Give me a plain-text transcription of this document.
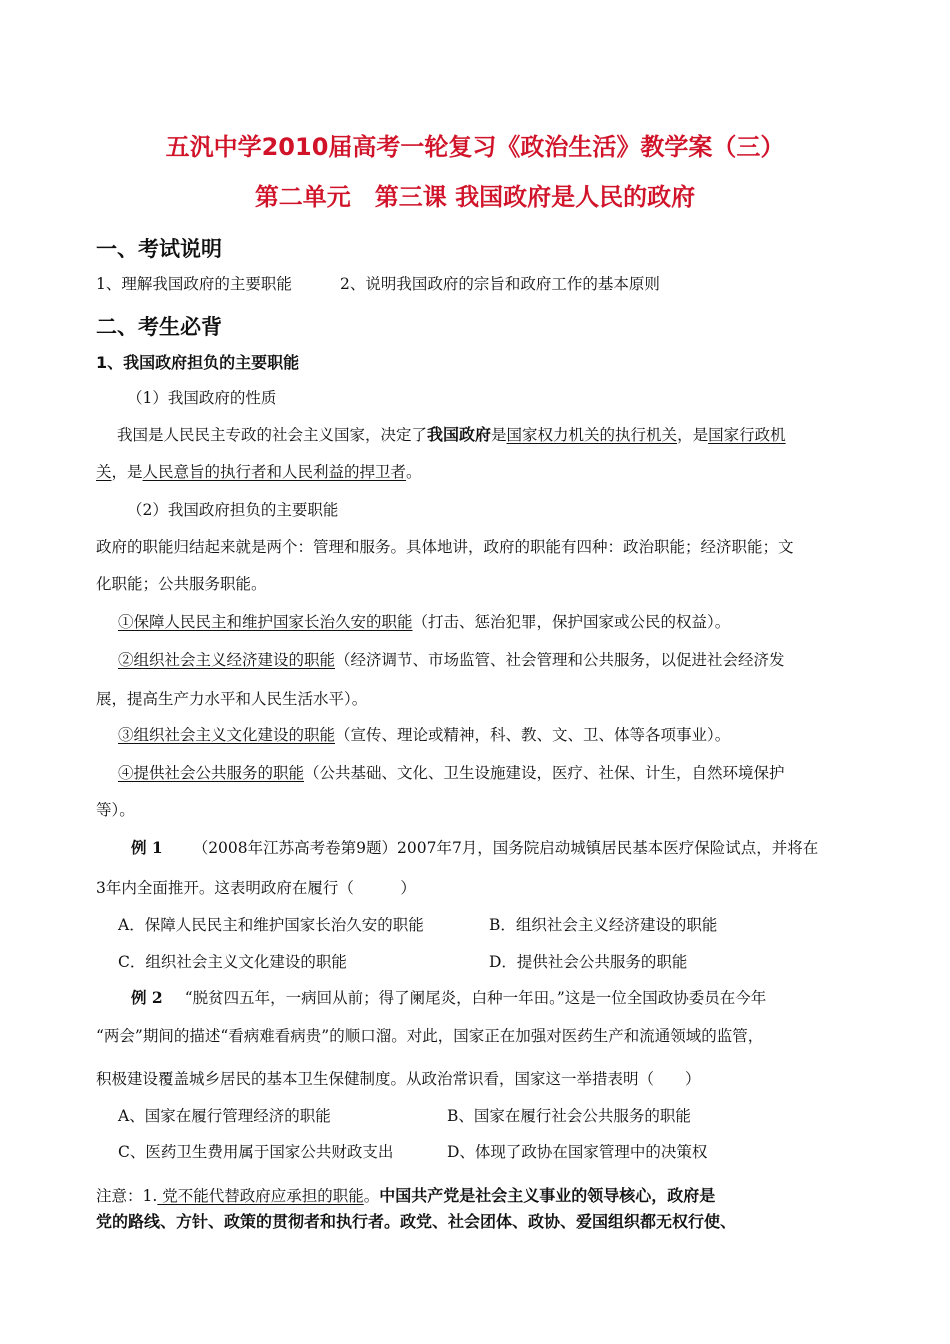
五汎中学2010届高考一轮复习《政治生活》教学案（三）
第二单元　第三课 我国政府是人民的政府
一、考试说明
1、理解我国政府的主要职能	2、说明我国政府的宗旨和政府工作的基本原则
二、考生必背
1、我国政府担负的主要职能
（1）我国政府的性质
我国是人民民主专政的社会主义国家，决定了我国政府是国家权力机关的执行机关，是国家行政机
关，是人民意旨的执行者和人民利益的捍卫者。
（2）我国政府担负的主要职能
政府的职能归结起来就是两个：管理和服务。具体地讲，政府的职能有四种：政治职能；经济职能；文
化职能；公共服务职能。
①保障人民民主和维护国家长治久安的职能（打击、惩治犯罪，保护国家或公民的权益）。
②组织社会主义经济建设的职能（经济调节、市场监管、社会管理和公共服务，以促进社会经济发
展，提高生产力水平和人民生活水平）。
③组织社会主义文化建设的职能（宣传、理论或精神，科、教、文、卫、体等各项事业）。
④提供社会公共服务的职能（公共基础、文化、卫生设施建设，医疗、社保、计生，自然环境保护
等）。
例 1 （2008年江苏高考卷第9题）2007年7月，国务院启动城镇居民基本医疗保险试点，并将在
3年内全面推开。这表明政府在履行（　　　）
A．保障人民民主和维护国家长治久安的职能	B．组织社会主义经济建设的职能
C．组织社会主义文化建设的职能	D．提供社会公共服务的职能
例 2 “脱贫四五年，一病回从前；得了阑尾炎，白种一年田。”这是一位全国政协委员在今年
“两会”期间的描述“看病难看病贵”的顺口溜。对此，国家正在加强对医药生产和流通领域的监管，
积极建设覆盖城乡居民的基本卫生保健制度。从政治常识看，国家这一举措表明（　　）
A、国家在履行管理经济的职能	B、国家在履行社会公共服务的职能
C、医药卫生费用属于国家公共财政支出	D、体现了政协在国家管理中的决策权
注意：1. 党不能代替政府应承担的职能。中国共产党是社会主义事业的领导核心，政府是
党的路线、方针、政策的贯彻者和执行者。政党、社会团体、政协、爱国组织都无权行使、
